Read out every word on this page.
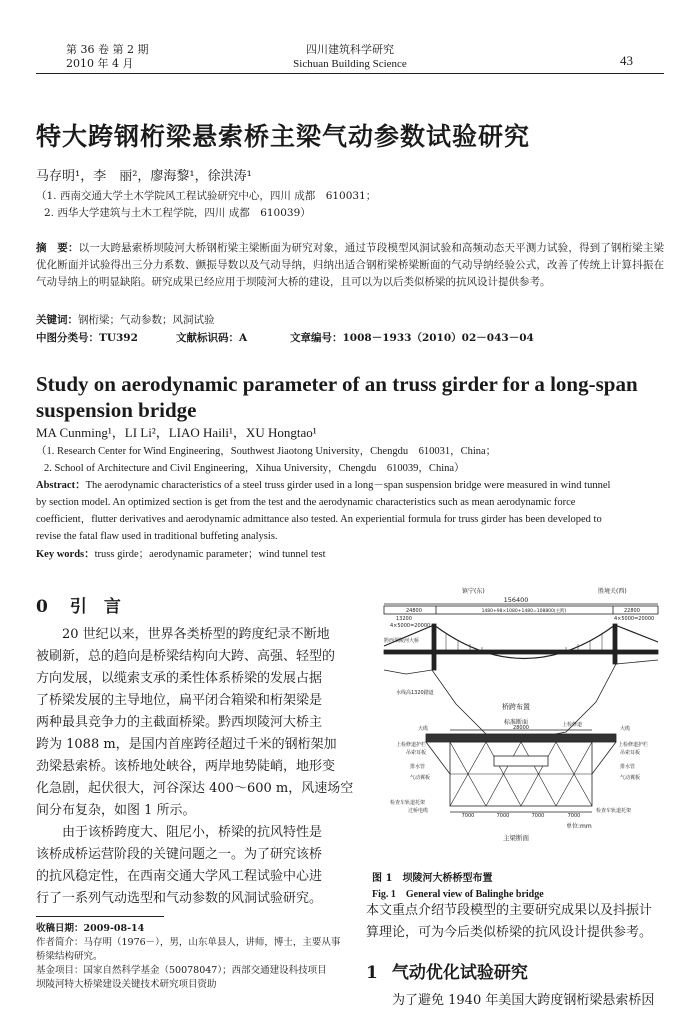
第 36 卷 第 2 期
2010 年 4 月
四川建筑科学研究
Sichuan Building Science	43
特大跨钢桁梁悬索桥主梁气动参数试验研究
马存明¹，李　丽²，廖海黎¹，徐洪涛¹
（1. 西南交通大学土木学院风工程试验研究中心，四川 成都　610031；
2. 西华大学建筑与土木工程学院，四川 成都　610039）
摘　要：以一大跨悬索桥坝陵河大桥钢桁梁主梁断面为研究对象，通过节段模型风洞试验和高频动态天平测力试验，得到了钢桁梁主梁优化断面并试验得出三分力系数、颤振导数以及气动导纳，归纳出适合钢桁梁桥梁断面的气动导纳经验公式，改善了传统上计算抖振在气动导纳上的明显缺陷。研究成果已经应用于坝陵河大桥的建设，且可以为以后类似桥梁的抗风设计提供参考。
关键词：钢桁梁；气动参数；风洞试验
中图分类号：TU392	文献标识码：A	文章编号：1008－1933（2010）02－043－04
Study on aerodynamic parameter of an truss girder for a long-span
suspension bridge
MA Cunming¹，LI Li²，LIAO Haili¹，XU Hongtao¹
（1. Research Center for Wind Engineering，Southwest Jiaotong University，Chengdu　610031，China；
2. School of Architecture and Civil Engineering，Xihua University，Chengdu　610039，China）
Abstract：The aerodynamic characteristics of a steel truss girder used in a long－span suspension bridge were measured in wind tunnel
by section model. An optimized section is get from the test and the aerodynamic characteristics such as mean aerodynamic force
coefficient，flutter derivatives and aerodynamic admittance also tested. An experiential formula for truss girder has been developed to
revise the fatal flaw used in traditional buffeting analysis.
Key words：truss girde；aerodynamic parameter；wind tunnel test
0 引　言
20 世纪以来，世界各类桥型的跨度纪录不断地
被刷新，总的趋向是桥梁结构向大跨、高强、轻型的
方向发展，以缆索支承的柔性体系桥梁的发展占据
了桥梁发展的主导地位，扁平闭合箱梁和桁架梁是
两种最具竞争力的主截面桥梁。黔西坝陵河大桥主
跨为 1088 m，是国内首座跨径超过千米的钢桁架加
劲梁悬索桥。该桥地处峡谷，两岸地势陡峭，地形变
化急剧，起伏很大，河谷深达 400～600 m，风速场空
间分布复杂，如图 1 所示。
由于该桥跨度大、阻尼小，桥梁的抗风特性是
该桥成桥运营阶段的关键问题之一。为了研究该桥
的抗风稳定性，在西南交通大学风工程试验中心进
行了一系列气动选型和气动参数的风洞试验研究。
收稿日期：2009-08-14
作者简介：马存明（1976－），男，山东单县人，讲师，博士，主要从事
桥梁结构研究。
基金项目：国家自然科学基金（50078047）；西部交通建设科技项目
坝陵河特大桥梁建设关键技术研究项目资助
镇宁(东)	胜境关(西)
156400
24800	1480+98×1080+1480=108800(主跨)	22800
13200
4×5000=20000
4×5000=20000
黔西坝陵河大桥
水线高1320踏道
桥跨布置
标准断面
28000
7000	7000	7000	7000
大缆
上检修道护栏
吊索耳板
排水管
气动翼板
检查车轨道托架
过桥电缆
大缆
上检修道
上检修道护栏
吊索耳板
排水管
气动翼板
检查车轨道托架
单位:mm
主梁断面
图 1　坝陵河大桥桥型布置
Fig. 1　General view of Balinghe bridge
本文重点介绍节段模型的主要研究成果以及抖振计
算理论，可为今后类似桥梁的抗风设计提供参考。
1 气动优化试验研究
为了避免 1940 年美国大跨度钢桁梁悬索桥因
